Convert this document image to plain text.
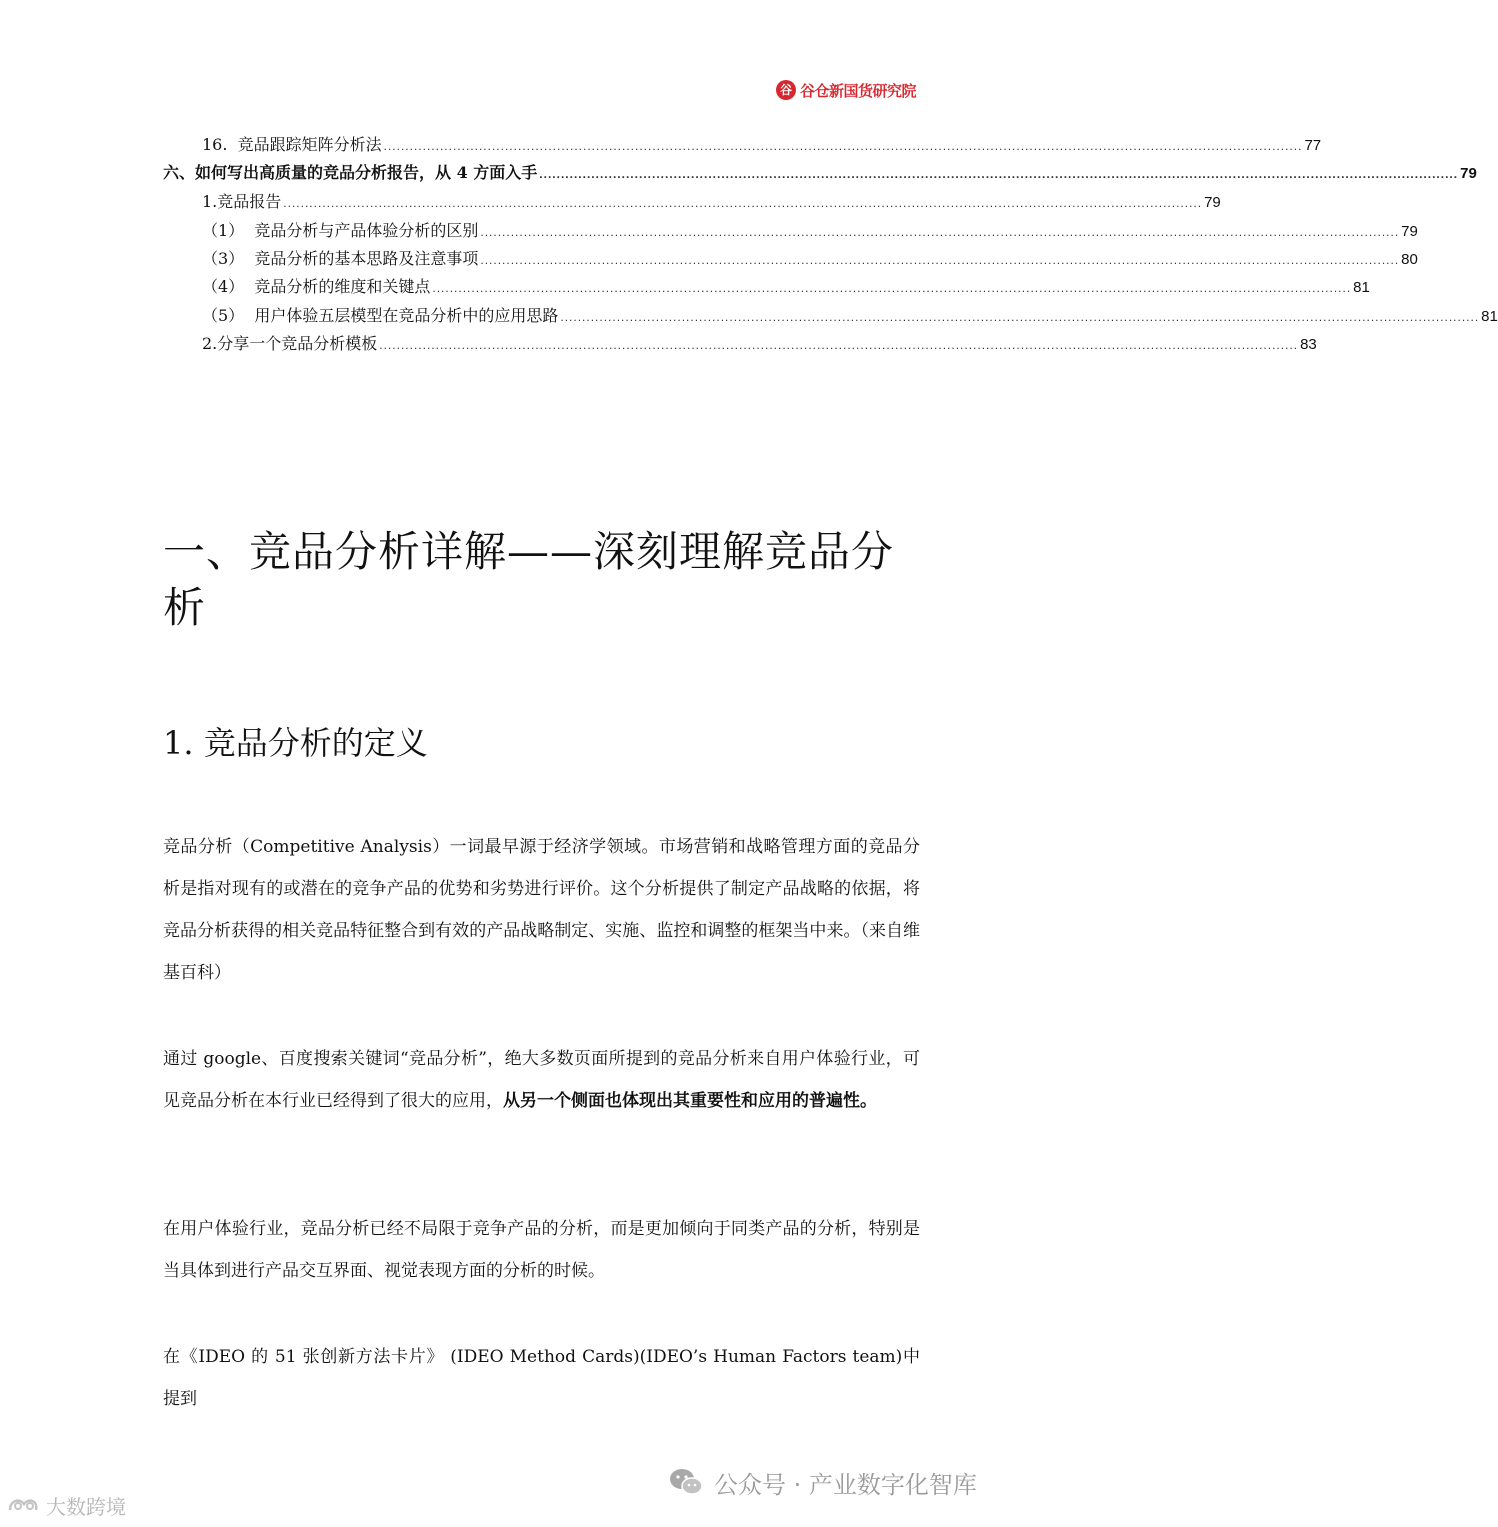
谷 谷仓新国货研究院
16.  竞品跟踪矩阵分析法 .................................................................................................................................................................................................................... 77
六、 如何写出高质量的竞品分析报告，从 4 方面入手 .................................................................................................................................................................................................................... 79
1.竞品报告 .................................................................................................................................................................................................................... 79
（1）  竞品分析与产品体验分析的区别 .................................................................................................................................................................................................................... 79
（3）  竞品分析的基本思路及注意事项 .................................................................................................................................................................................................................... 80
（4）  竞品分析的维度和关键点 .................................................................................................................................................................................................................... 81
（5）  用户体验五层模型在竞品分析中的应用思路 .................................................................................................................................................................................................................... 81
2.分享一个竞品分析模板 .................................................................................................................................................................................................................... 83
一、竞品分析详解——深刻理解竞品分析
1. 竞品分析的定义

竞品分析（Competitive Analysis）一词最早源于经济学领域。市场营销和战略管理方面的竞品分析是指对现有的或潜在的竞争产品的优势和劣势进行评价。这个分析提供了制定产品战略的依据，将竞品分析获得的相关竞品特征整合到有效的产品战略制定、实施、监控和调整的框架当中来。（来自维基百科）

通过 google、百度搜索关键词“竞品分析”，绝大多数页面所提到的竞品分析来自用户体验行业，可见竞品分析在本行业已经得到了很大的应用，从另一个侧面也体现出其重要性和应用的普遍性。

在用户体验行业，竞品分析已经不局限于竞争产品的分析，而是更加倾向于同类产品的分析，特别是当具体到进行产品交互界面、视觉表现方面的分析的时候。

在《IDEO 的 51 张创新方法卡片》 (IDEO Method Cards)(IDEO’s Human Factors team)中提到

公众号 · 产业数字化智库
大数跨境
